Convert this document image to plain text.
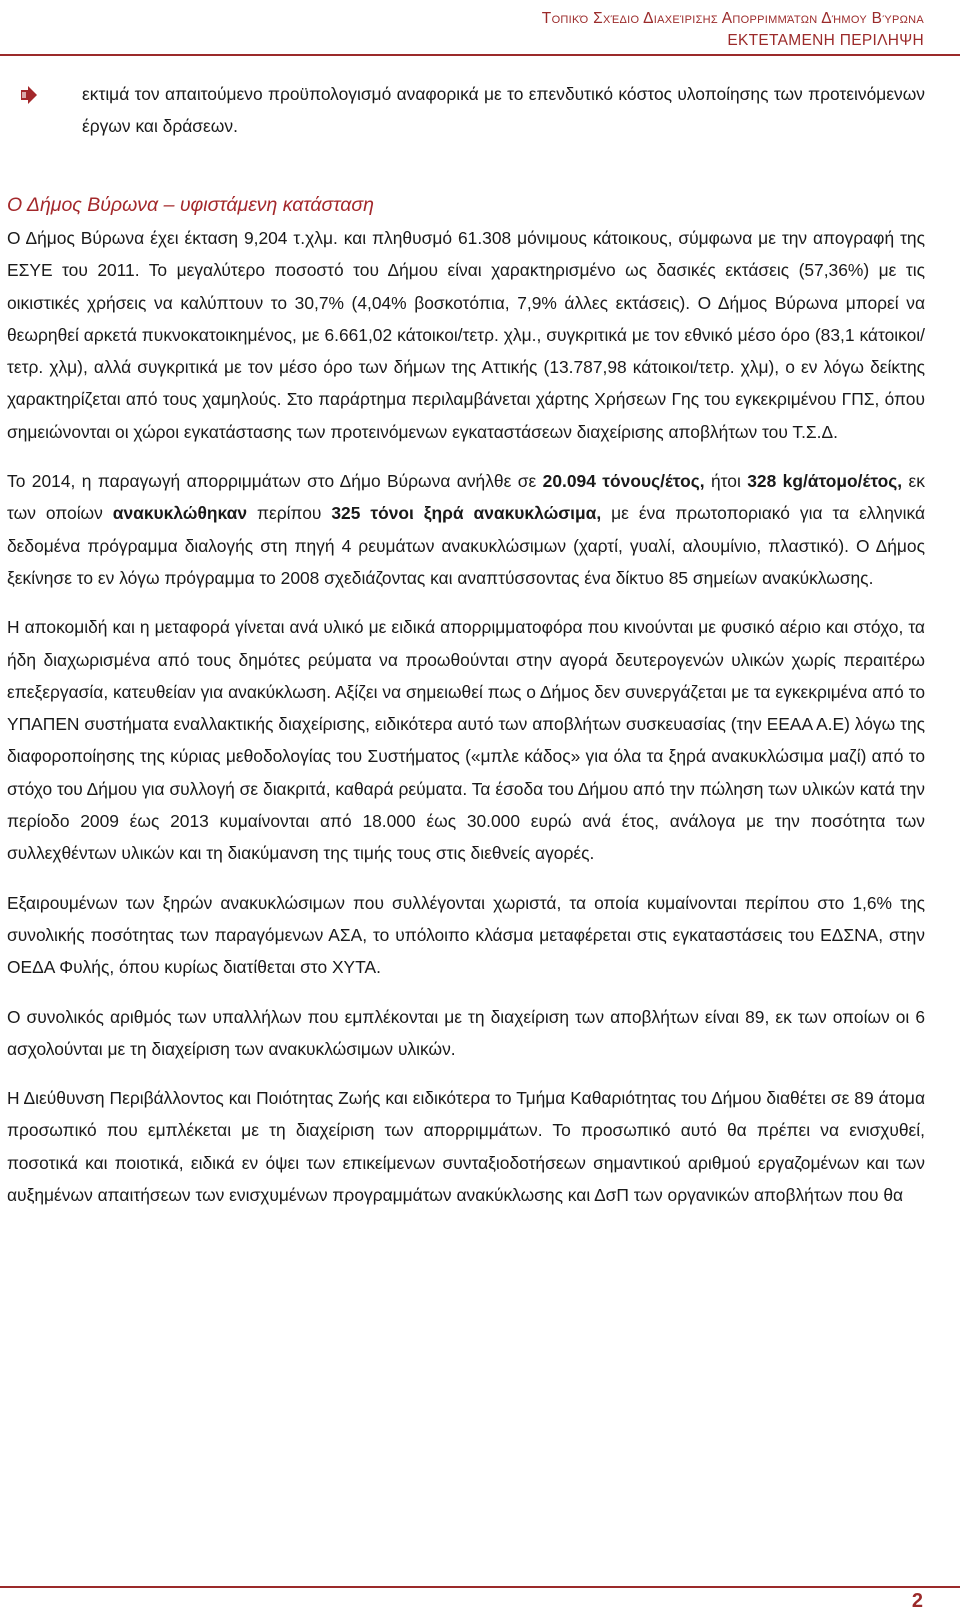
Τοπικό Σχέδιο Διαχείρισης Απορριμμάτων Δήμου Βύρωνα
ΕΚΤΕΤΑΜΕΝΗ ΠΕΡΙΛΗΨΗ
εκτιμά τον απαιτούμενο προϋπολογισμό αναφορικά με το επενδυτικό κόστος υλοποίησης των προτεινόμενων έργων και δράσεων.
Ο Δήμος Βύρωνα – υφιστάμενη κατάσταση

Ο Δήμος Βύρωνα έχει έκταση 9,204 τ.χλμ. και πληθυσμό 61.308 μόνιμους κάτοικους, σύμφωνα με την απογραφή της ΕΣΥΕ του 2011. Το μεγαλύτερο ποσοστό του Δήμου είναι χαρακτηρισμένο ως δασικές εκτάσεις (57,36%) με τις οικιστικές χρήσεις να καλύπτουν το 30,7% (4,04% βοσκοτόπια, 7,9% άλλες εκτάσεις). Ο Δήμος Βύρωνα μπορεί να θεωρηθεί αρκετά πυκνοκατοικημένος, με 6.661,02 κάτοικοι/τετρ. χλμ., συγκριτικά με τον εθνικό μέσο όρο (83,1 κάτοικοι/τετρ. χλμ), αλλά συγκριτικά με τον μέσο όρο των δήμων της Αττικής (13.787,98 κάτοικοι/τετρ. χλμ), ο εν λόγω δείκτης χαρακτηρίζεται από τους χαμηλούς. Στο παράρτημα περιλαμβάνεται χάρτης Χρήσεων Γης του εγκεκριμένου ΓΠΣ, όπου σημειώνονται οι χώροι εγκατάστασης των προτεινόμενων εγκαταστάσεων διαχείρισης αποβλήτων του Τ.Σ.Δ.

Το 2014, η παραγωγή απορριμμάτων στο Δήμο Βύρωνα ανήλθε σε 20.094 τόνους/έτος, ήτοι 328 kg/άτομο/έτος, εκ των οποίων ανακυκλώθηκαν περίπου 325 τόνοι ξηρά ανακυκλώσιμα, με ένα πρωτοποριακό για τα ελληνικά δεδομένα πρόγραμμα διαλογής στη πηγή 4 ρευμάτων ανακυκλώσιμων (χαρτί, γυαλί, αλουμίνιο, πλαστικό). Ο Δήμος ξεκίνησε το εν λόγω πρόγραμμα το 2008 σχεδιάζοντας και αναπτύσσοντας ένα δίκτυο 85 σημείων ανακύκλωσης.

Η αποκομιδή και η μεταφορά γίνεται ανά υλικό με ειδικά απορριμματοφόρα που κινούνται με φυσικό αέριο και στόχο, τα ήδη διαχωρισμένα από τους δημότες ρεύματα να προωθούνται στην αγορά δευτερογενών υλικών χωρίς περαιτέρω επεξεργασία, κατευθείαν για ανακύκλωση. Αξίζει να σημειωθεί πως ο Δήμος δεν συνεργάζεται με τα εγκεκριμένα από το ΥΠΑΠΕΝ συστήματα εναλλακτικής διαχείρισης, ειδικότερα αυτό των αποβλήτων συσκευασίας (την ΕΕΑΑ Α.Ε) λόγω της διαφοροποίησης της κύριας μεθοδολογίας του Συστήματος («μπλε κάδος» για όλα τα ξηρά ανακυκλώσιμα μαζί) από το στόχο του Δήμου για συλλογή σε διακριτά, καθαρά ρεύματα. Τα έσοδα του Δήμου από την πώληση των υλικών κατά την περίοδο 2009 έως 2013 κυμαίνονται από 18.000 έως 30.000 ευρώ ανά έτος, ανάλογα με την ποσότητα των συλλεχθέντων υλικών και τη διακύμανση της τιμής τους στις διεθνείς αγορές.

Εξαιρουμένων των ξηρών ανακυκλώσιμων που συλλέγονται χωριστά, τα οποία κυμαίνονται περίπου στο 1,6% της συνολικής ποσότητας των παραγόμενων ΑΣΑ, το υπόλοιπο κλάσμα μεταφέρεται στις εγκαταστάσεις του ΕΔΣΝΑ, στην ΟΕΔΑ Φυλής, όπου κυρίως διατίθεται στο ΧΥΤΑ.

Ο συνολικός αριθμός των υπαλλήλων που εμπλέκονται με τη διαχείριση των αποβλήτων είναι 89, εκ των οποίων οι 6 ασχολούνται με τη διαχείριση των ανακυκλώσιμων υλικών.

Η Διεύθυνση Περιβάλλοντος και Ποιότητας Ζωής και ειδικότερα το Τμήμα Καθαριότητας του Δήμου διαθέτει σε 89 άτομα προσωπικό που εμπλέκεται με τη διαχείριση των απορριμμάτων. Το προσωπικό αυτό θα πρέπει να ενισχυθεί, ποσοτικά και ποιοτικά, ειδικά εν όψει των επικείμενων συνταξιοδοτήσεων σημαντικού αριθμού εργαζομένων και των αυξημένων απαιτήσεων των ενισχυμένων προγραμμάτων ανακύκλωσης και ΔσΠ των οργανικών αποβλήτων που θα

2
